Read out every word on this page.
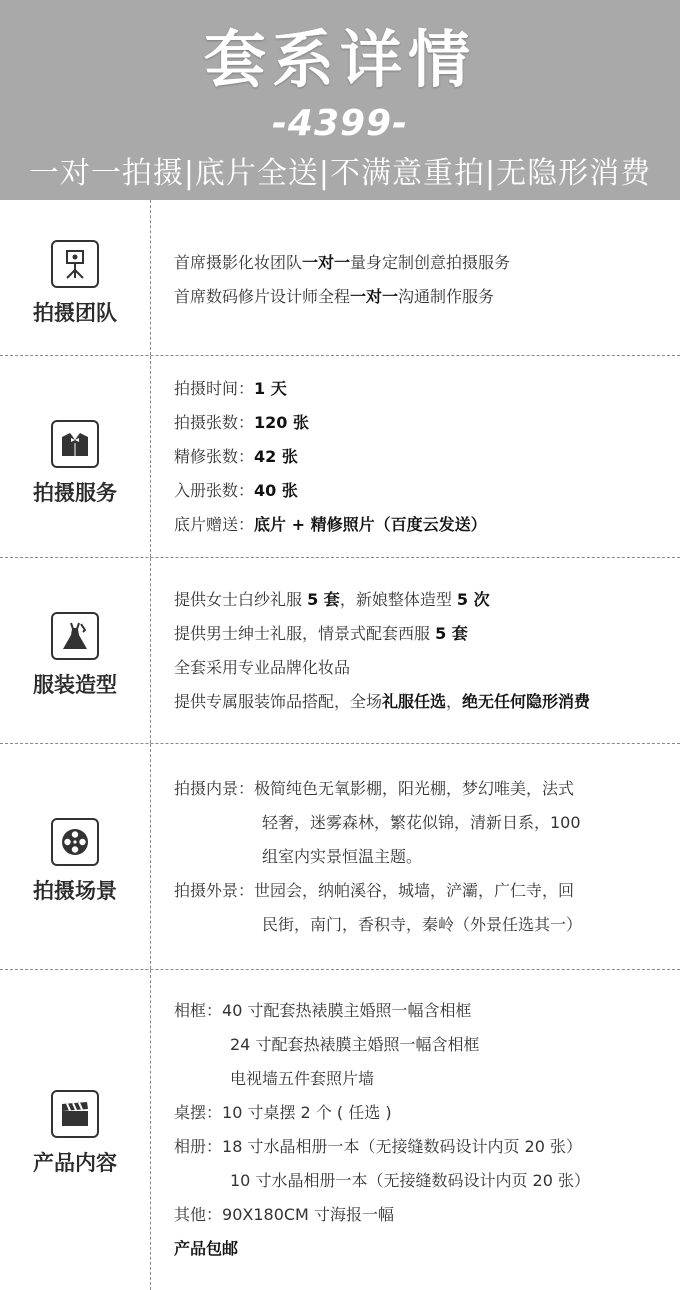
套系详情
-4399-
一对一拍摄|底片全送|不满意重拍|无隐形消费
拍摄团队
首席摄影化妆团队一对一量身定制创意拍摄服务
首席数码修片设计师全程一对一沟通制作服务
拍摄服务
拍摄时间：1 天
拍摄张数：120 张
精修张数：42 张
入册张数：40 张
底片赠送：底片 + 精修照片（百度云发送）
服装造型
提供女士白纱礼服 5 套，新娘整体造型 5 次
提供男士绅士礼服，情景式配套西服 5 套
全套采用专业品牌化妆品
提供专属服装饰品搭配，全场礼服任选，绝无任何隐形消费
拍摄场景
拍摄内景：极简纯色无氧影棚，阳光棚，梦幻唯美，法式
轻奢，迷雾森林，繁花似锦，清新日系，100
组室内实景恒温主题。
拍摄外景：世园会，纳帕溪谷，城墙，浐灞，广仁寺，回
民街，南门，香积寺，秦岭（外景任选其一）
产品内容
相框：40 寸配套热裱膜主婚照一幅含相框
24 寸配套热裱膜主婚照一幅含相框
电视墙五件套照片墙
桌摆：10 寸桌摆 2 个 ( 任选 )
相册：18 寸水晶相册一本（无接缝数码设计内页 20 张）
10 寸水晶相册一本（无接缝数码设计内页 20 张）
其他：90X180CM 寸海报一幅
产品包邮
